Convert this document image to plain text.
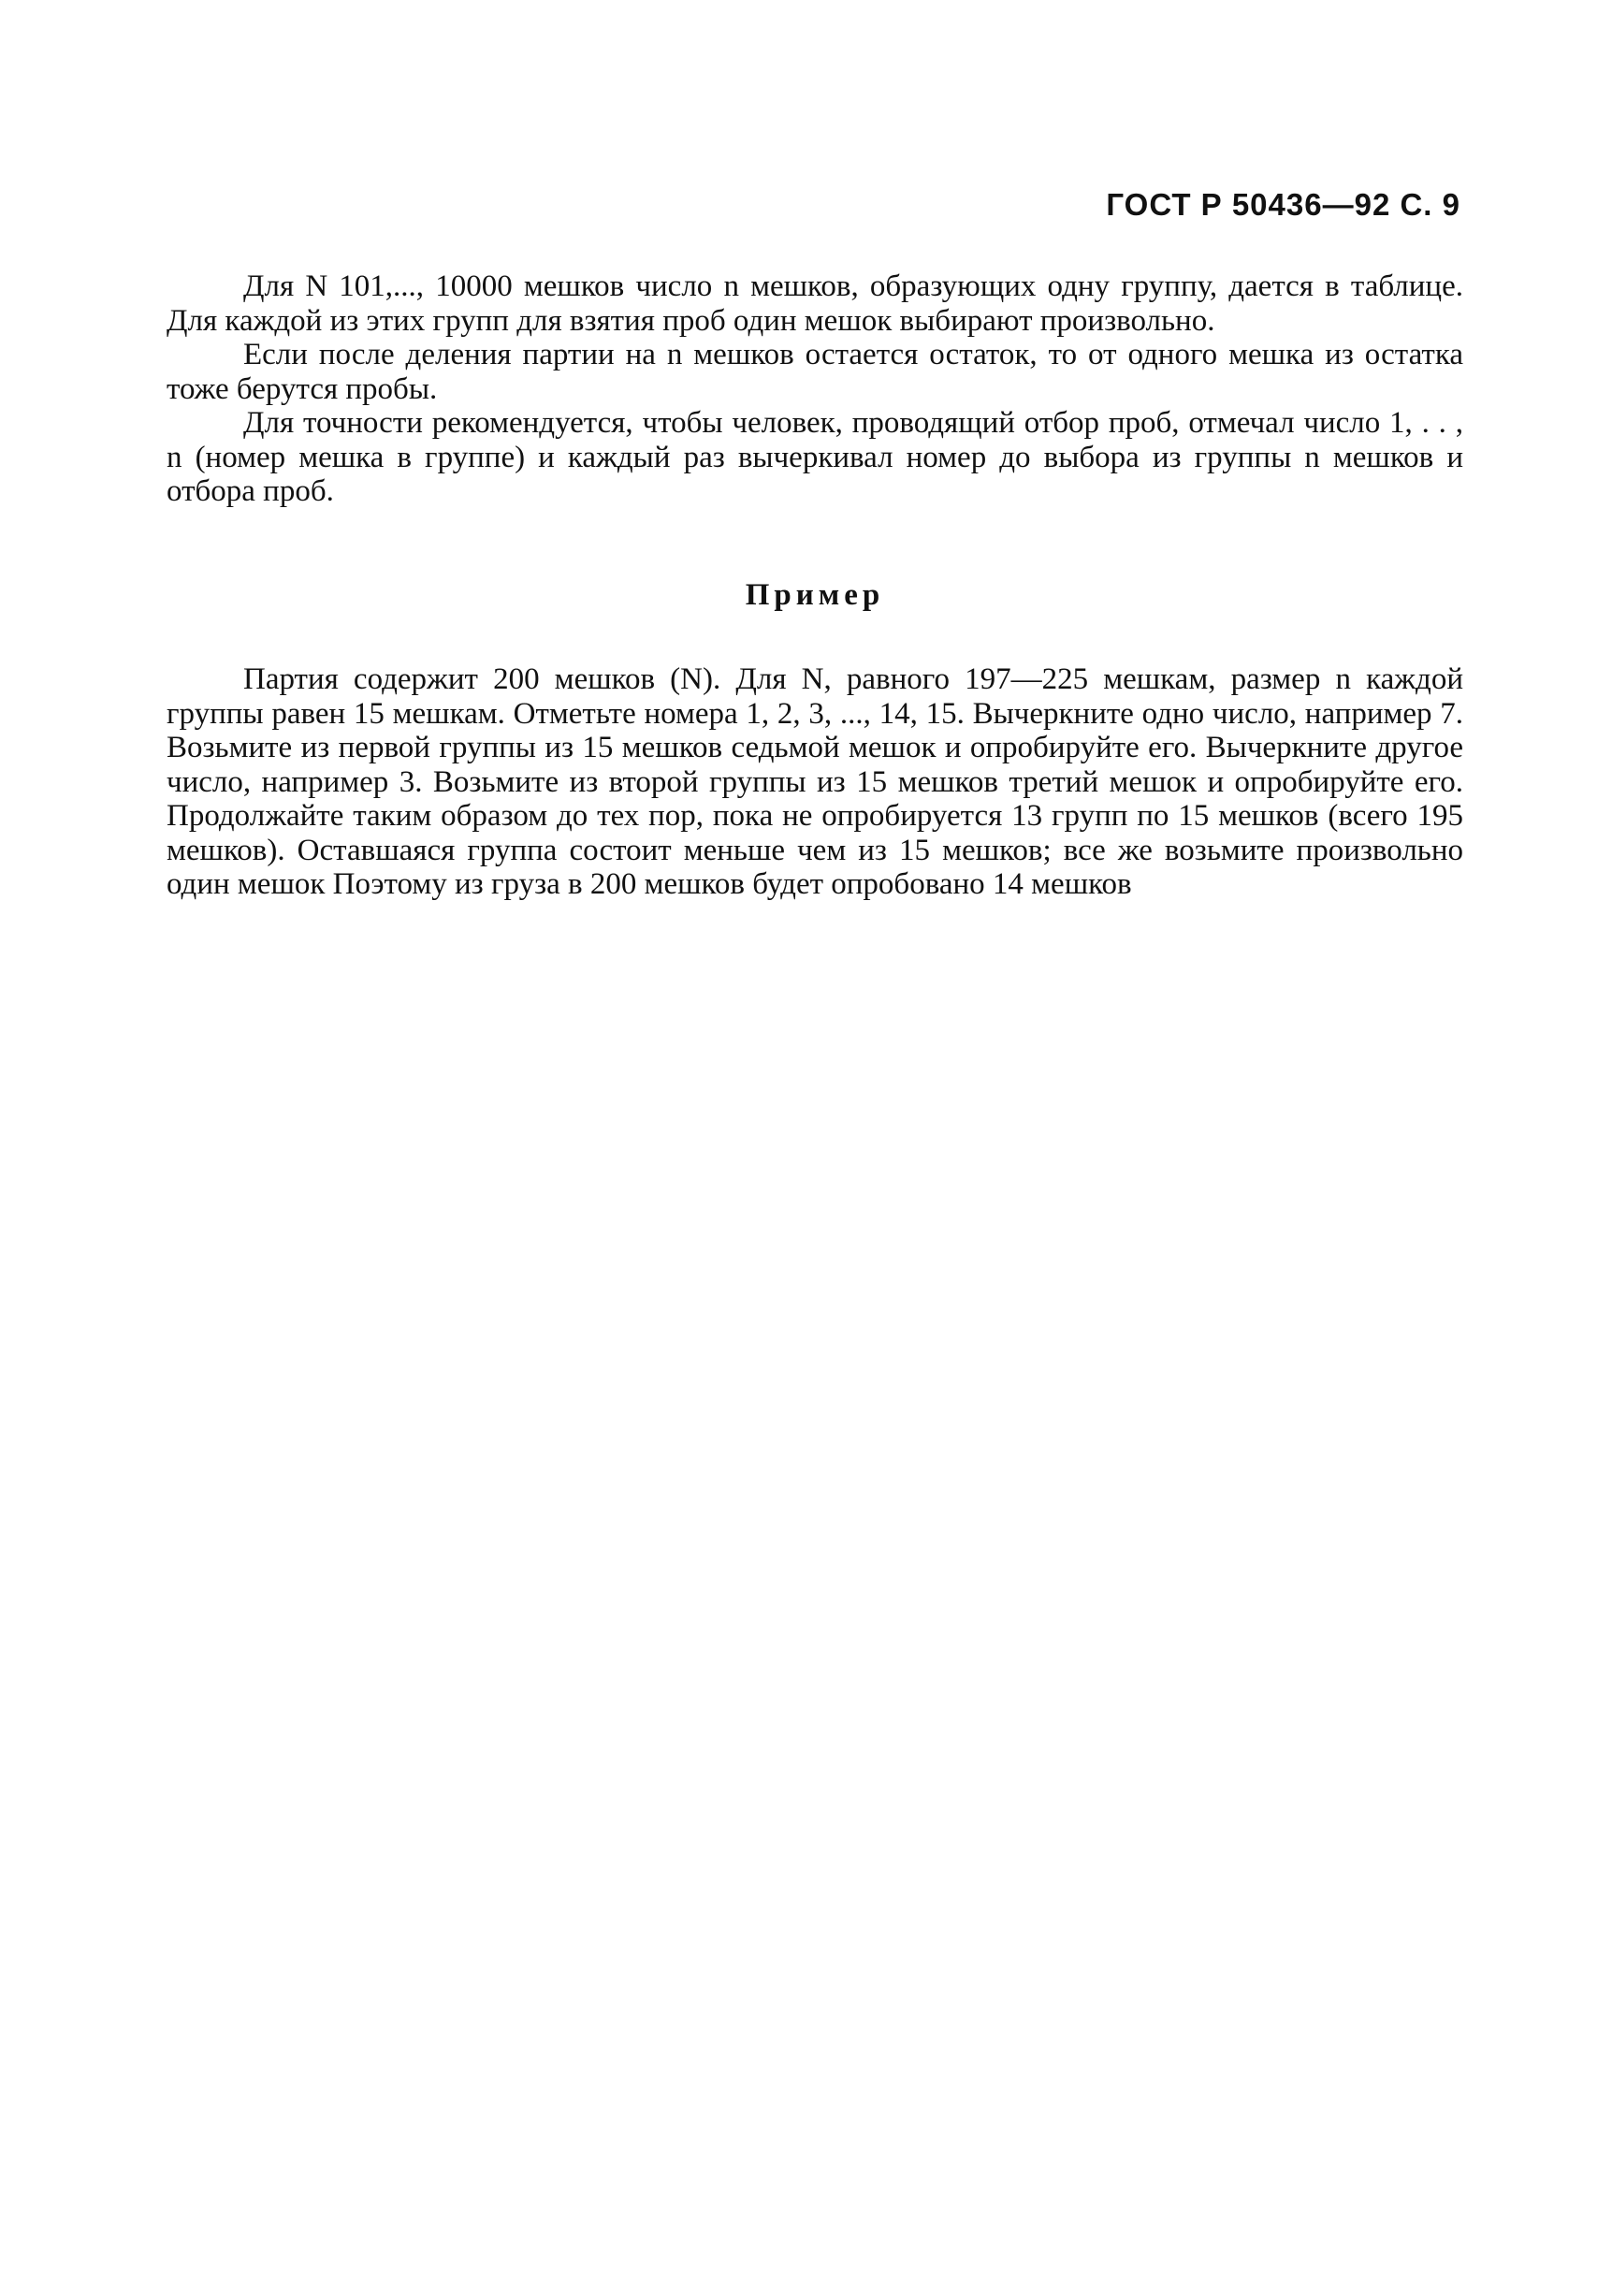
ГОСТ Р 50436—92 С. 9

Для N 101,..., 10000 мешков число n мешков, образующих одну группу, дается в таблице. Для каждой из этих групп для взятия проб один мешок выбирают произвольно.

Если после деления партии на n мешков остается остаток, то от одного мешка из остатка тоже берутся пробы.

Для точности рекомендуется, чтобы человек, проводящий отбор проб, отмечал число 1, . . , n (номер мешка в группе) и каждый раз вычеркивал номер до выбора из группы n мешков и отбора проб.

Пример

Партия содержит 200 мешков (N). Для N, равного 197—225 мешкам, размер n каждой группы равен 15 мешкам. Отметьте номера 1, 2, 3, ..., 14, 15. Вычеркните одно число, например 7. Возьмите из первой группы из 15 мешков седьмой мешок и опробируйте его. Вычеркните другое число, например 3. Возьмите из второй группы из 15 мешков третий мешок и опробируйте его. Продолжайте таким образом до тех пор, пока не опробируется 13 групп по 15 мешков (всего 195 мешков). Оставшаяся группа состоит меньше чем из 15 мешков; все же возьмите произвольно один мешок Поэтому из груза в 200 мешков будет опробовано 14 мешков
